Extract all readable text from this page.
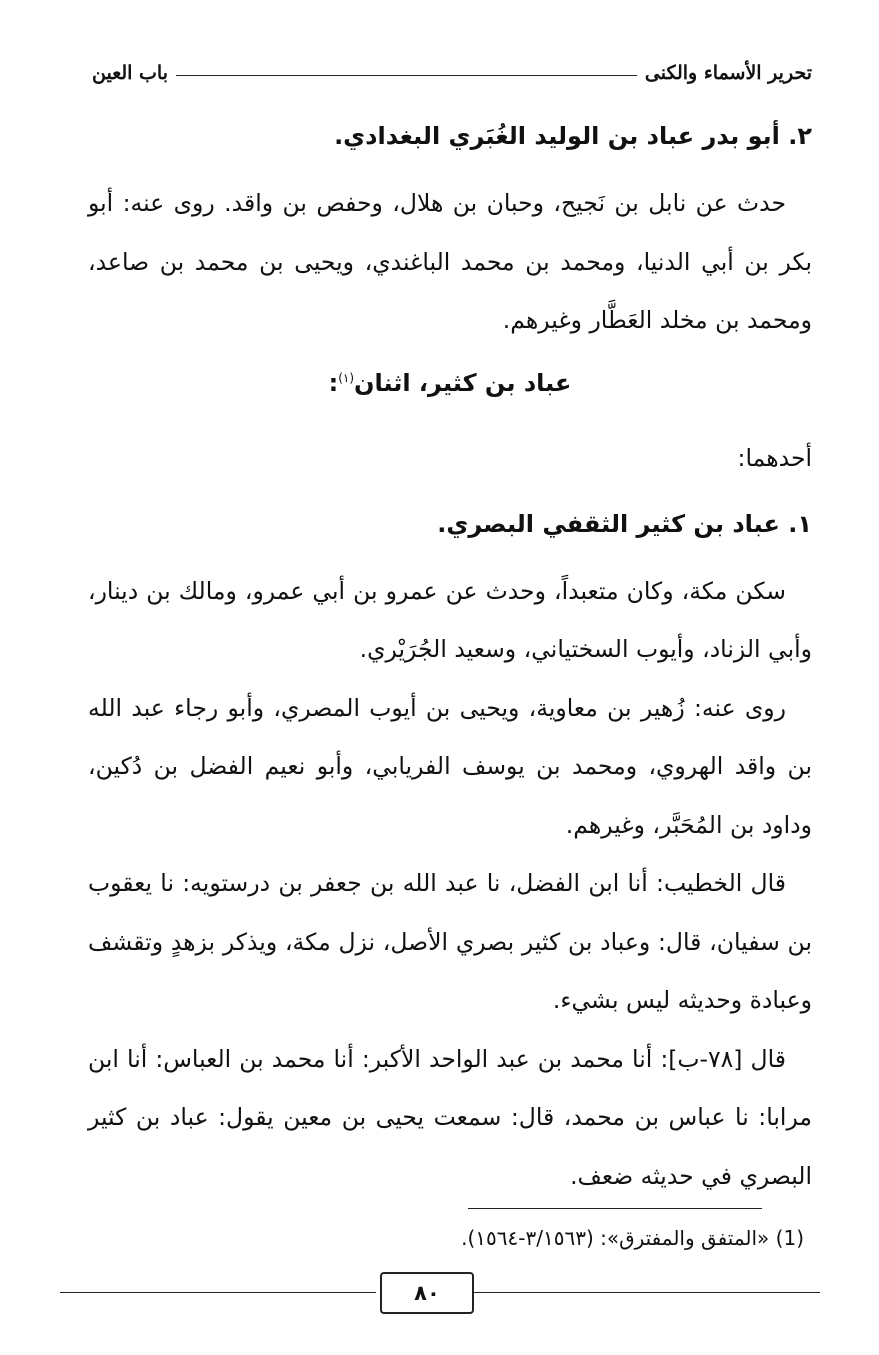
تحرير الأسماء والكنى
باب العين

٢. أبو بدر عباد بن الوليد الغُبَري البغدادي.

حدث عن نابل بن نَجيح، وحبان بن هلال، وحفص بن واقد. روى عنه: أبو بكر بن أبي الدنيا، ومحمد بن محمد الباغندي، ويحيى بن محمد بن صاعد، ومحمد بن مخلد العَطَّار وغيرهم.

عباد بن كثير، اثنان$^{(١)}$:

أحدهما:

١. عباد بن كثير الثقفي البصري.

سكن مكة، وكان متعبداً، وحدث عن عمرو بن أبي عمرو، ومالك بن دينار، وأبي الزناد، وأيوب السختياني، وسعيد الجُرَيْري.

روى عنه: زُهير بن معاوية، ويحيى بن أيوب المصري، وأبو رجاء عبد الله بن واقد الهروي، ومحمد بن يوسف الفريابي، وأبو نعيم الفضل بن دُكين، وداود بن المُحَبَّر، وغيرهم.

قال الخطيب: أنا ابن الفضل، نا عبد الله بن جعفر بن درستويه: نا يعقوب بن سفيان، قال: وعباد بن كثير بصري الأصل، نزل مكة، ويذكر بزهدٍ وتقشف وعبادة وحديثه ليس بشيء.

قال [٧٨-ب]: أنا محمد بن عبد الواحد الأكبر: أنا محمد بن العباس: أنا ابن مرابا: نا عباس بن محمد، قال: سمعت يحيى بن معين يقول: عباد بن كثير البصري في حديثه ضعف.

(1) «المتفق والمفترق»: (٣/١٥٦٣-١٥٦٤).
٨٠
